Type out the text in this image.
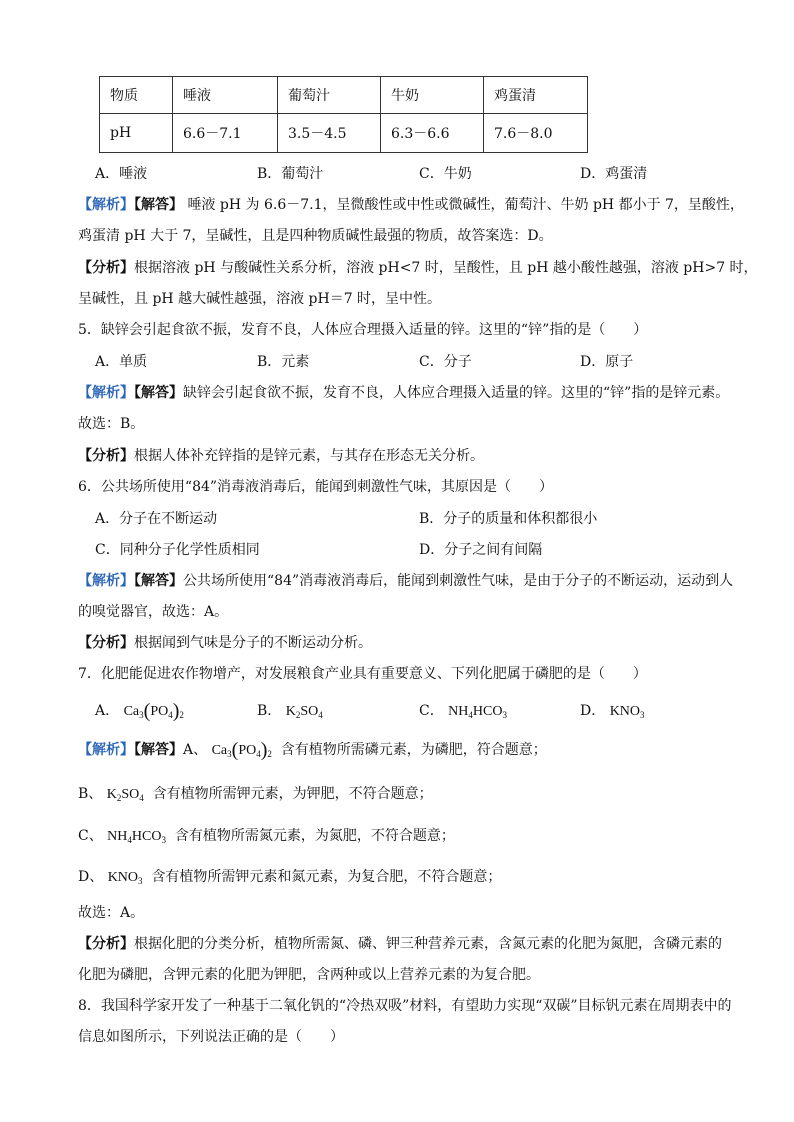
物质	唾液	葡萄汁	牛奶	鸡蛋清
pH	6.6－7.1	3.5－4.5	6.3－6.6	7.6－8.0
A．唾液	B．葡萄汁	C．牛奶	D．鸡蛋清
【解析】【解答】 唾液 pH 为 6.6－7.1，呈微酸性或中性或微碱性，葡萄汁、牛奶 pH 都小于 7，呈酸性，
鸡蛋清 pH 大于 7，呈碱性，且是四种物质碱性最强的物质，故答案选：D。
【分析】根据溶液 pH 与酸碱性关系分析，溶液 pH<7 时，呈酸性，且 pH 越小酸性越强，溶液 pH>7 时，
呈碱性，且 pH 越大碱性越强，溶液 pH＝7 时，呈中性。
5．缺锌会引起食欲不振，发育不良，人体应合理摄入适量的锌。这里的“锌”指的是（　　）
A．单质	B．元素	C．分子	D．原子
【解析】【解答】缺锌会引起食欲不振，发育不良，人体应合理摄入适量的锌。这里的“锌”指的是锌元素。
故选：B。
【分析】根据人体补充锌指的是锌元素，与其存在形态无关分析。
6．公共场所使用“84”消毒液消毒后，能闻到刺激性气味，其原因是（　　）
A．分子在不断运动	B．分子的质量和体积都很小
C．同种分子化学性质相同	D．分子之间有间隔
【解析】【解答】公共场所使用“84”消毒液消毒后，能闻到刺激性气味，是由于分子的不断运动，运动到人
的嗅觉器官，故选：A。
【分析】根据闻到气味是分子的不断运动分析。
7．化肥能促进农作物增产，对发展粮食产业具有重要意义、下列化肥属于磷肥的是（　　）
A． $Ca_3(PO_4)_2$	B． $K_2SO_4$	C． $NH_4HCO_3$	D． $KNO_3$
【解析】【解答】A、 $Ca_3(PO_4)_2$ 含有植物所需磷元素，为磷肥，符合题意；
B、 $K_2SO_4$ 含有植物所需钾元素，为钾肥，不符合题意；
C、 $NH_4HCO_3$ 含有植物所需氮元素，为氮肥，不符合题意；
D、 $KNO_3$ 含有植物所需钾元素和氮元素，为复合肥，不符合题意；
故选：A。
【分析】根据化肥的分类分析，植物所需氮、磷、钾三种营养元素，含氮元素的化肥为氮肥，含磷元素的
化肥为磷肥，含钾元素的化肥为钾肥，含两种或以上营养元素的为复合肥。
8．我国科学家开发了一种基于二氧化钒的“冷热双吸”材料，有望助力实现“双碳”目标钒元素在周期表中的
信息如图所示，下列说法正确的是（　　）
